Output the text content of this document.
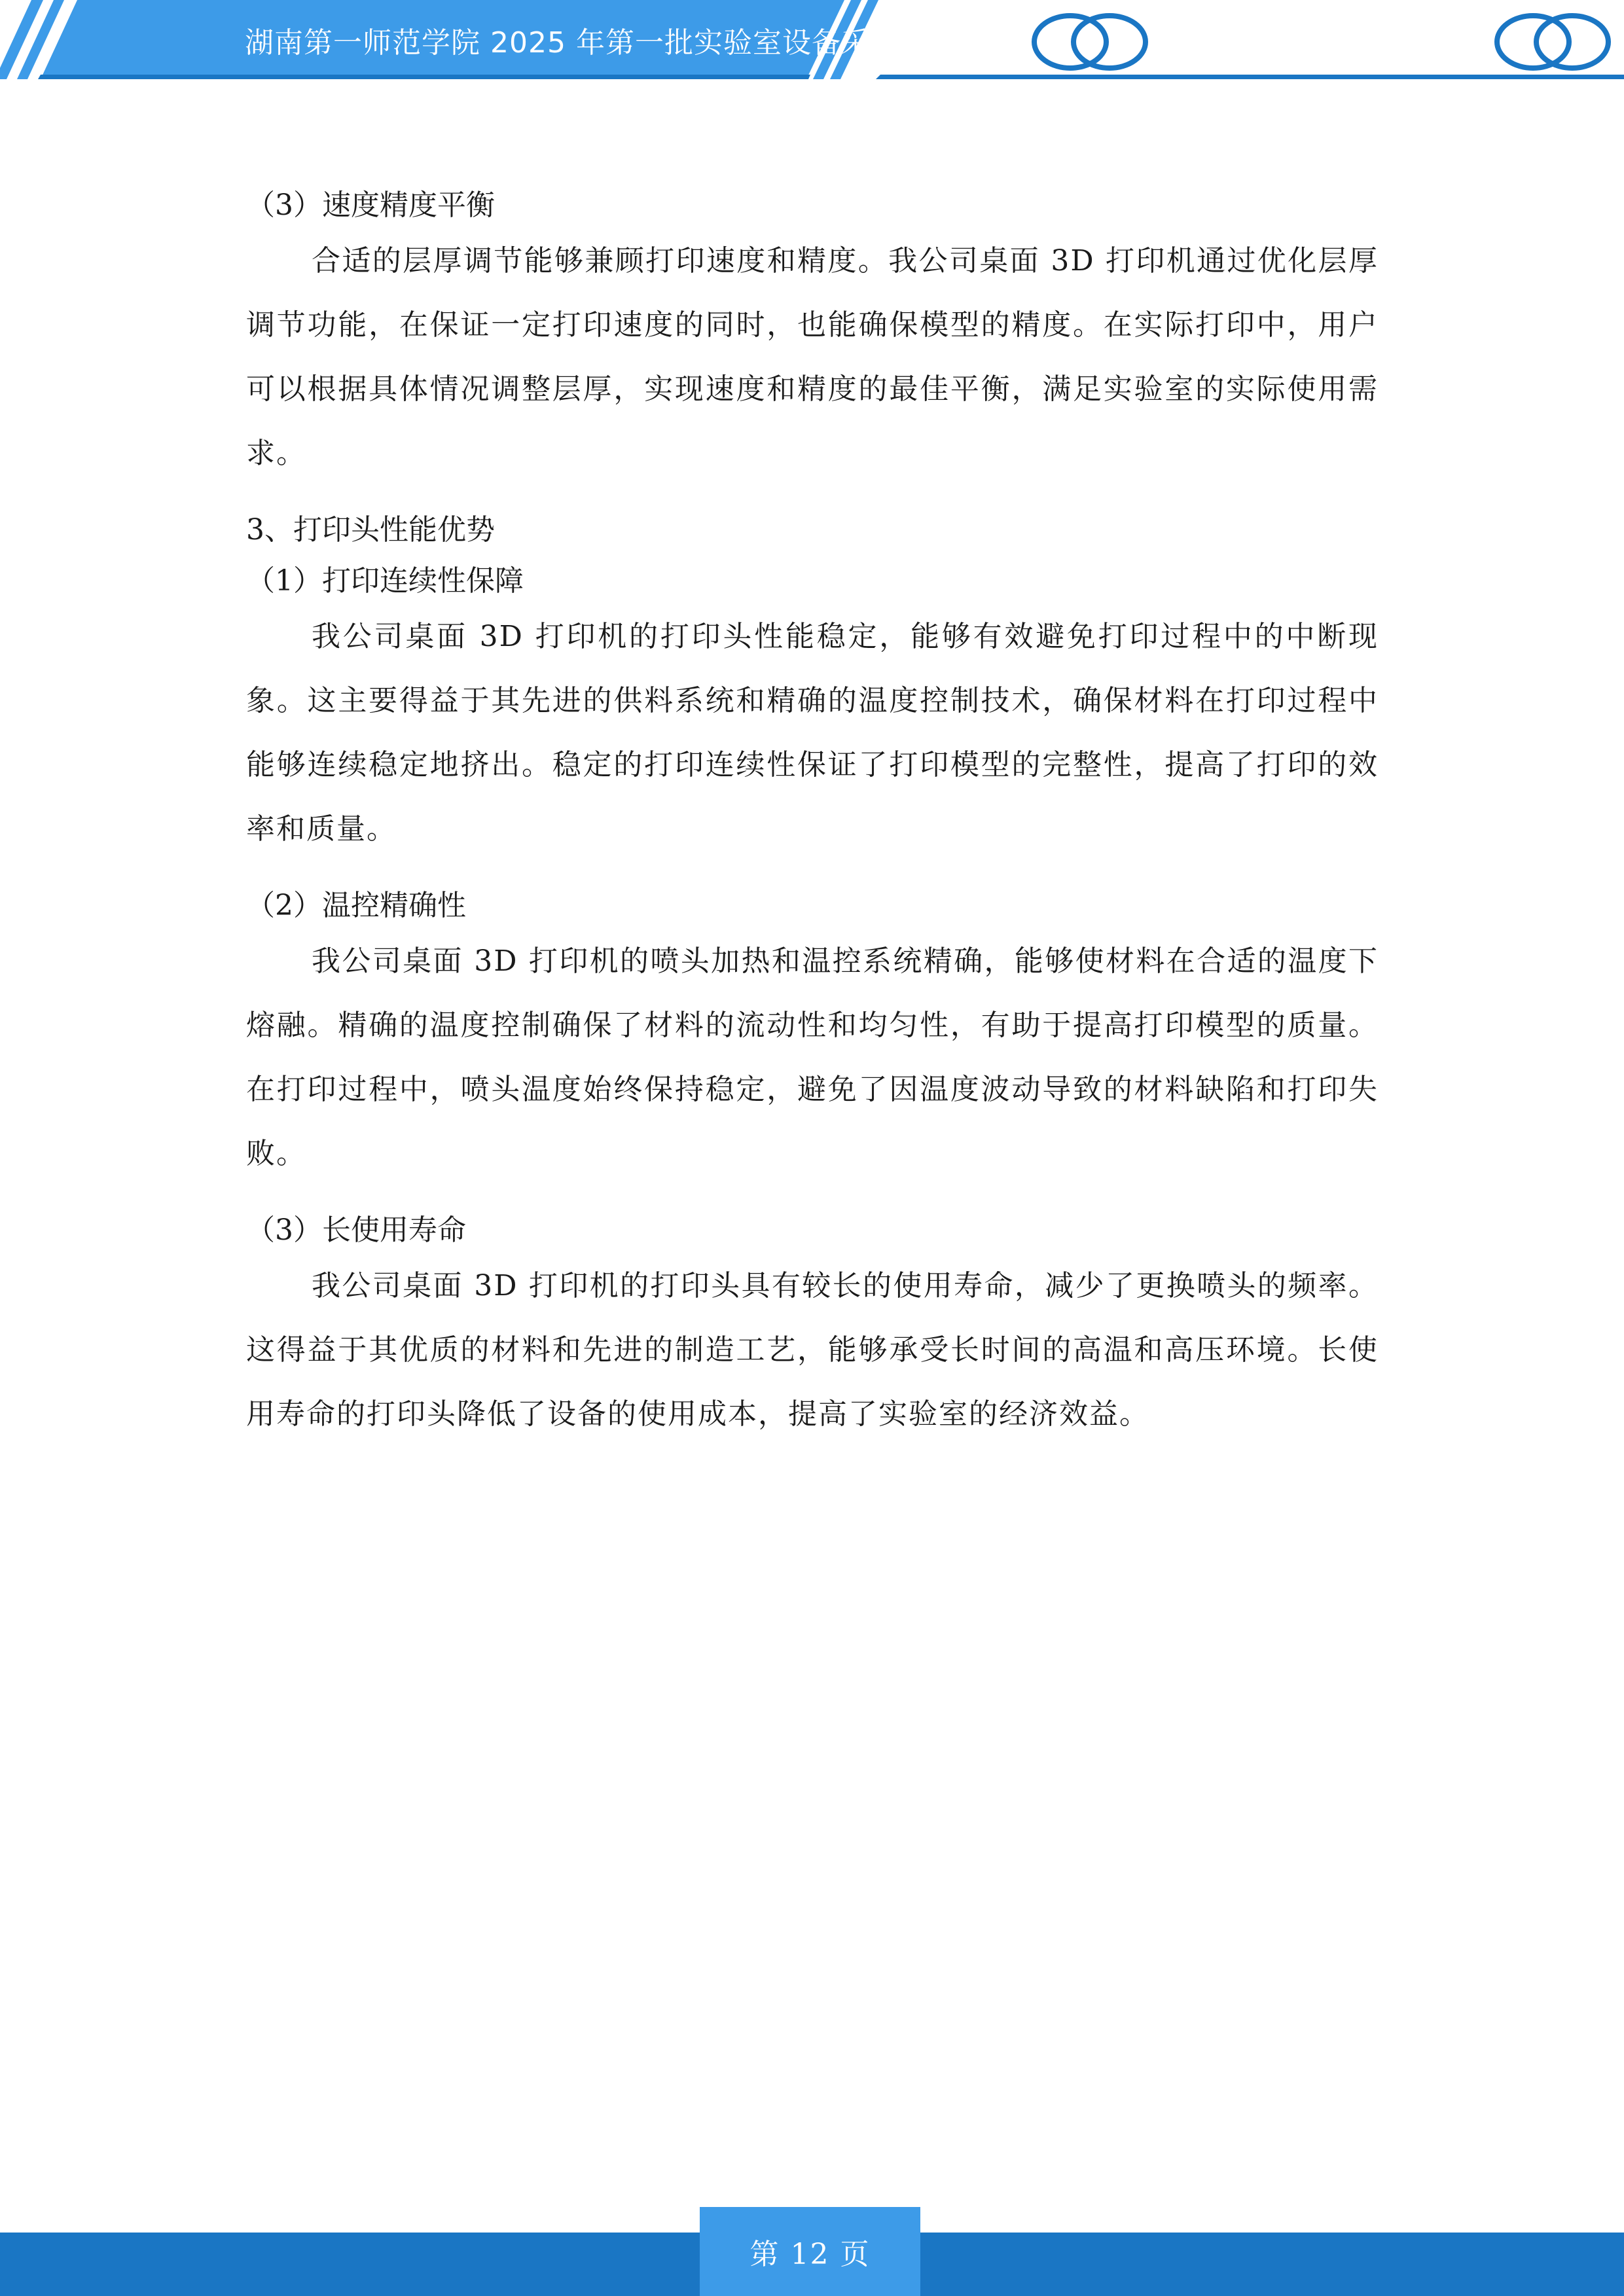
湖南第一师范学院 2025 年第一批实验室设备采购项目

（3）速度精度平衡

合适的层厚调节能够兼顾打印速度和精度。我公司桌面 3D 打印机通过优化层厚调节功能，在保证一定打印速度的同时，也能确保模型的精度。在实际打印中，用户可以根据具体情况调整层厚，实现速度和精度的最佳平衡，满足实验室的实际使用需求。

3、打印头性能优势

（1）打印连续性保障

我公司桌面 3D 打印机的打印头性能稳定，能够有效避免打印过程中的中断现象。这主要得益于其先进的供料系统和精确的温度控制技术，确保材料在打印过程中能够连续稳定地挤出。稳定的打印连续性保证了打印模型的完整性，提高了打印的效率和质量。

（2）温控精确性

我公司桌面 3D 打印机的喷头加热和温控系统精确，能够使材料在合适的温度下熔融。精确的温度控制确保了材料的流动性和均匀性，有助于提高打印模型的质量。在打印过程中，喷头温度始终保持稳定，避免了因温度波动导致的材料缺陷和打印失败。

（3）长使用寿命

我公司桌面 3D 打印机的打印头具有较长的使用寿命，减少了更换喷头的频率。这得益于其优质的材料和先进的制造工艺，能够承受长时间的高温和高压环境。长使用寿命的打印头降低了设备的使用成本，提高了实验室的经济效益。

第 12 页
